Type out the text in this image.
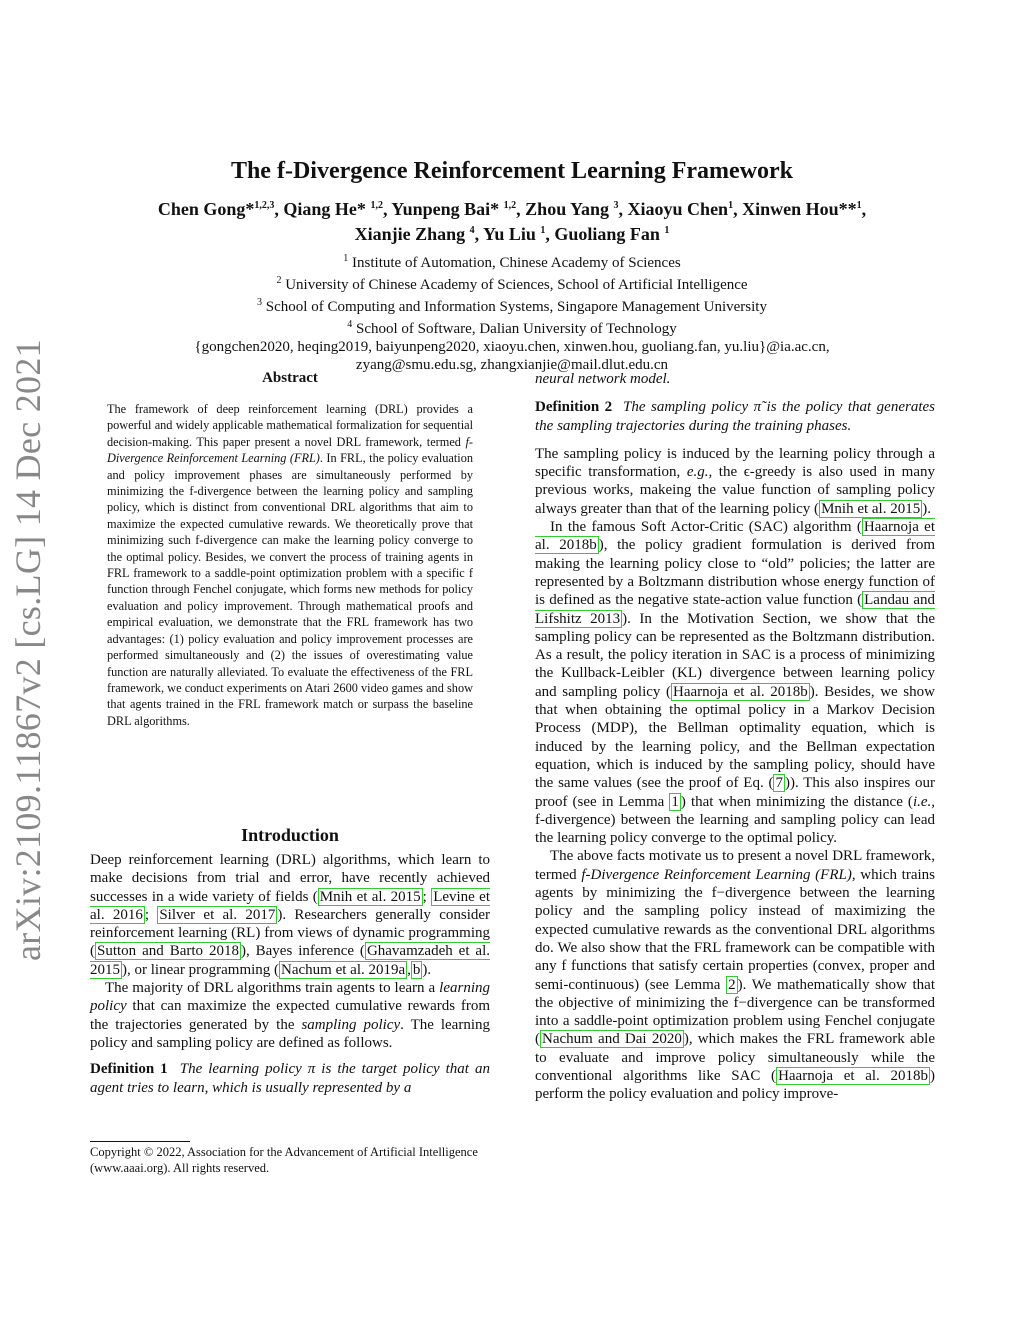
arXiv:2109.11867v2 [cs.LG] 14 Dec 2021
The f-Divergence Reinforcement Learning Framework
Chen Gong*$^{1,2,3}$, Qiang He* $^{1,2}$, Yunpeng Bai* $^{1,2}$, Zhou Yang $^3$, Xiaoyu Chen$^1$, Xinwen Hou**$^1$,
Xianjie Zhang $^4$, Yu Liu $^1$, Guoliang Fan $^1$
$^1$ Institute of Automation, Chinese Academy of Sciences
$^2$ University of Chinese Academy of Sciences, School of Artificial Intelligence
$^3$ School of Computing and Information Systems, Singapore Management University
$^4$ School of Software, Dalian University of Technology
{gongchen2020, heqing2019, baiyunpeng2020, xiaoyu.chen, xinwen.hou, guoliang.fan, yu.liu}@ia.ac.cn,
zyang@smu.edu.sg, zhangxianjie@mail.dlut.edu.cn
Abstract
The framework of deep reinforcement learning (DRL) provides a powerful and widely applicable mathematical formalization for sequential decision-making. This paper present a novel DRL framework, termed f-Divergence Reinforcement Learning (FRL). In FRL, the policy evaluation and policy improvement phases are simultaneously performed by minimizing the f-divergence between the learning policy and sampling policy, which is distinct from conventional DRL algorithms that aim to maximize the expected cumulative rewards. We theoretically prove that minimizing such f-divergence can make the learning policy converge to the optimal policy. Besides, we convert the process of training agents in FRL framework to a saddle-point optimization problem with a specific f function through Fenchel conjugate, which forms new methods for policy evaluation and policy improvement. Through mathematical proofs and empirical evaluation, we demonstrate that the FRL framework has two advantages: (1) policy evaluation and policy improvement processes are performed simultaneously and (2) the issues of overestimating value function are naturally alleviated. To evaluate the effectiveness of the FRL framework, we conduct experiments on Atari 2600 video games and show that agents trained in the FRL framework match or surpass the baseline DRL algorithms.
Introduction

Deep reinforcement learning (DRL) algorithms, which learn to make decisions from trial and error, have recently achieved successes in a wide variety of fields ( Mnih et al. 2015 ; Levine et al. 2016 ; Silver et al. 2017 ). Researchers generally consider reinforcement learning (RL) from views of dynamic programming ( Sutton and Barto 2018 ), Bayes inference ( Ghavamzadeh et al. 2015 ), or linear programming ( Nachum et al. 2019a , b ).

The majority of DRL algorithms train agents to learn a learning policy that can maximize the expected cumulative rewards from the trajectories generated by the sampling policy. The learning policy and sampling policy are defined as follows.

Definition 1 The learning policy π is the target policy that an agent tries to learn, which is usually represented by a

Copyright © 2022, Association for the Advancement of Artificial Intelligence (www.aaai.org). All rights reserved.

neural network model.

Definition 2 The sampling policy π̃ is the policy that generates the sampling trajectories during the training phases.

The sampling policy is induced by the learning policy through a specific transformation, e.g., the ϵ-greedy is also used in many previous works, makeing the value function of sampling policy always greater than that of the learning policy ( Mnih et al. 2015 ).

In the famous Soft Actor-Critic (SAC) algorithm ( Haarnoja et al. 2018b ), the policy gradient formulation is derived from making the learning policy close to “old” policies; the latter are represented by a Boltzmann distribution whose energy function of is defined as the negative state-action value function ( Landau and Lifshitz 2013 ). In the Motivation Section, we show that the sampling policy can be represented as the Boltzmann distribution. As a result, the policy iteration in SAC is a process of minimizing the Kullback-Leibler (KL) divergence between learning policy and sampling policy ( Haarnoja et al. 2018b ). Besides, we show that when obtaining the optimal policy in a Markov Decision Process (MDP), the Bellman optimality equation, which is induced by the learning policy, and the Bellman expectation equation, which is induced by the sampling policy, should have the same values (see the proof of Eq. ( 7 )). This also inspires our proof (see in Lemma 1 ) that when minimizing the distance (i.e., f-divergence) between the learning and sampling policy can lead the learning policy converge to the optimal policy.

The above facts motivate us to present a novel DRL framework, termed f-Divergence Reinforcement Learning (FRL), which trains agents by minimizing the f−divergence between the learning policy and the sampling policy instead of maximizing the expected cumulative rewards as the conventional DRL algorithms do. We also show that the FRL framework can be compatible with any f functions that satisfy certain properties (convex, proper and semi-continuous) (see Lemma 2 ). We mathematically show that the objective of minimizing the f−divergence can be transformed into a saddle-point optimization problem using Fenchel conjugate ( Nachum and Dai 2020 ), which makes the FRL framework able to evaluate and improve policy simultaneously while the conventional algorithms like SAC ( Haarnoja et al. 2018b ) perform the policy evaluation and policy improve-
